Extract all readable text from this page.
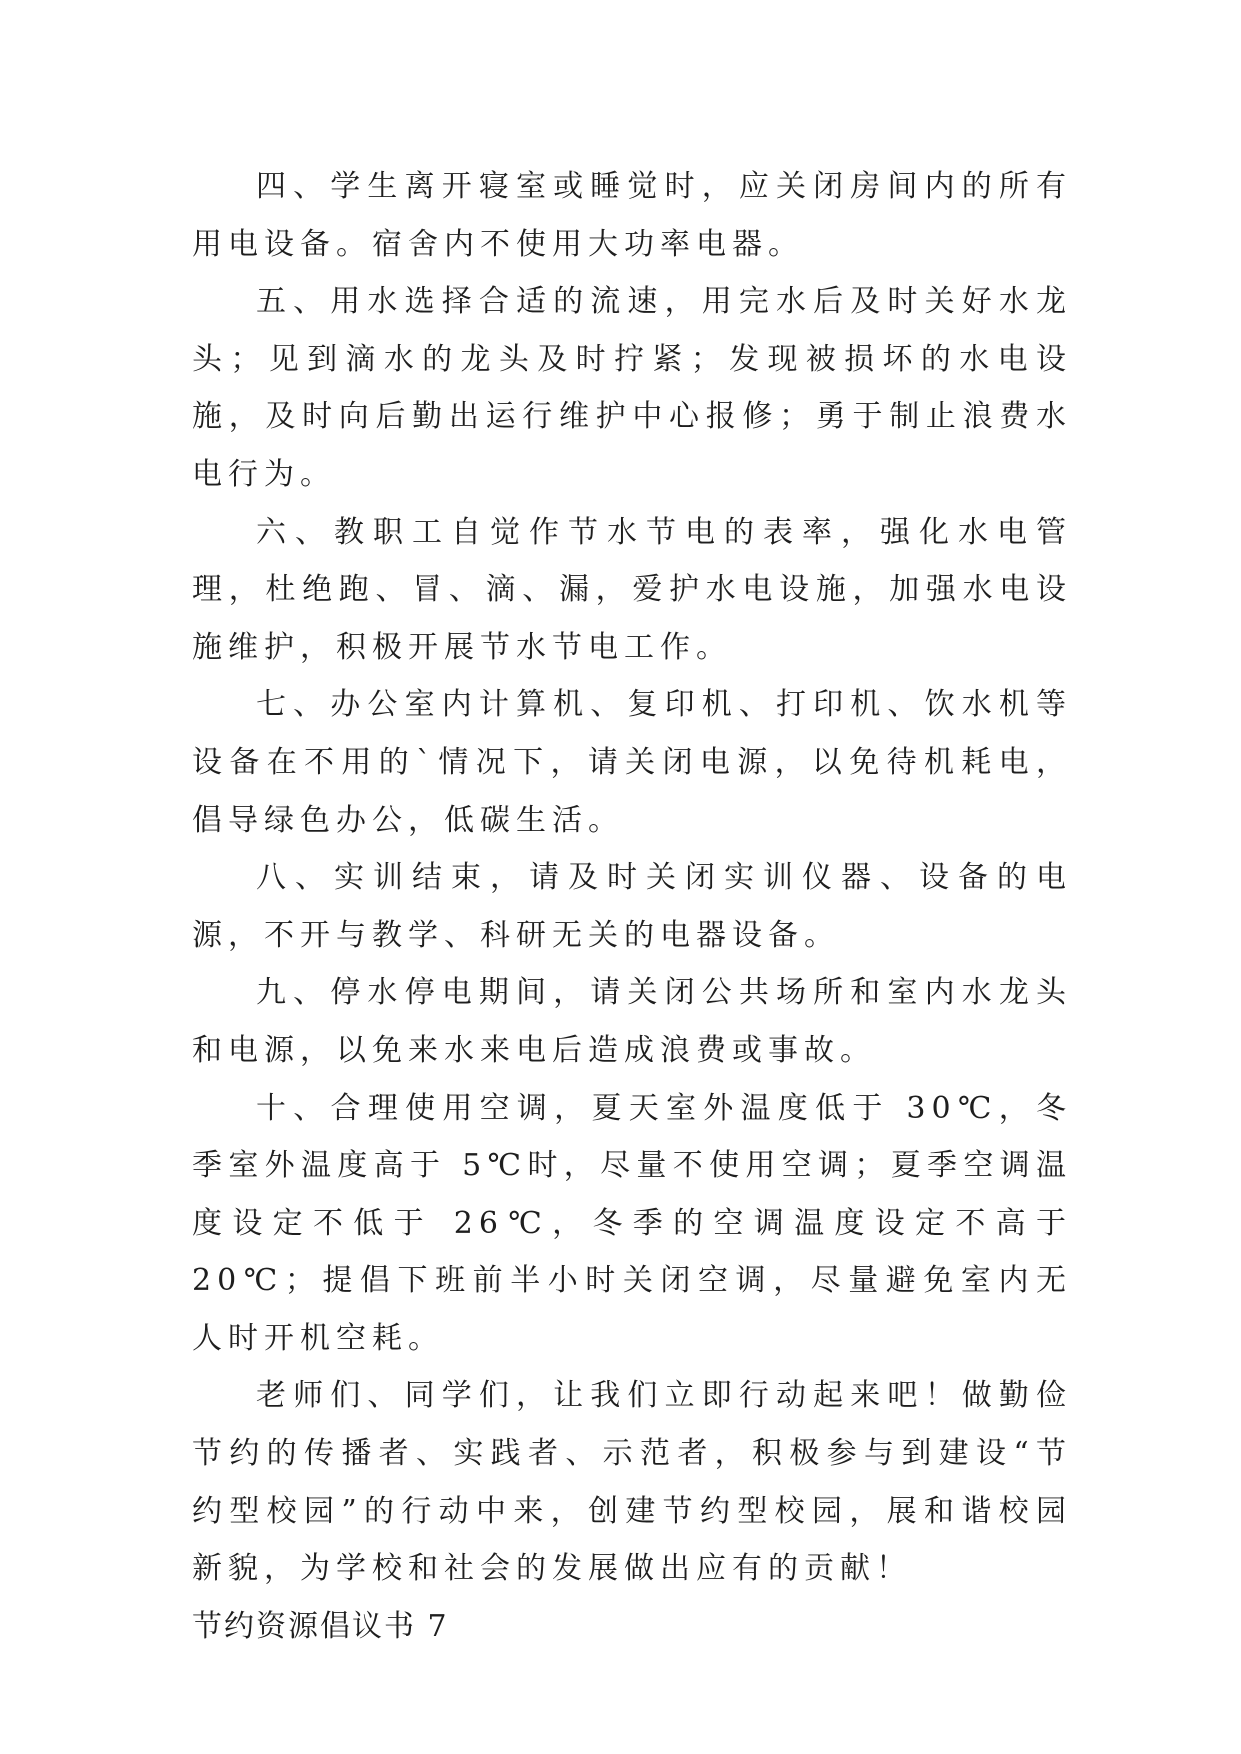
四、学生离开寝室或睡觉时，应关闭房间内的所有用电设备。宿舍内不使用大功率电器。

五、用水选择合适的流速，用完水后及时关好水龙头；见到滴水的龙头及时拧紧；发现被损坏的水电设施，及时向后勤出运行维护中心报修；勇于制止浪费水电行为。

六、教职工自觉作节水节电的表率，强化水电管理，杜绝跑、冒、滴、漏，爱护水电设施，加强水电设施维护，积极开展节水节电工作。

七、办公室内计算机、复印机、打印机、饮水机等设备在不用的`情况下，请关闭电源，以免待机耗电，倡导绿色办公，低碳生活。

八、实训结束，请及时关闭实训仪器、设备的电源，不开与教学、科研无关的电器设备。

九、停水停电期间，请关闭公共场所和室内水龙头和电源，以免来水来电后造成浪费或事故。

十、合理使用空调，夏天室外温度低于 30℃，冬季室外温度高于 5℃时，尽量不使用空调；夏季空调温度设定不低于 26℃，冬季的空调温度设定不高于 20℃；提倡下班前半小时关闭空调，尽量避免室内无人时开机空耗。

老师们、同学们，让我们立即行动起来吧！做勤俭节约的传播者、实践者、示范者，积极参与到建设“节约型校园”的行动中来，创建节约型校园，展和谐校园新貌，为学校和社会的发展做出应有的贡献！

节约资源倡议书 7
